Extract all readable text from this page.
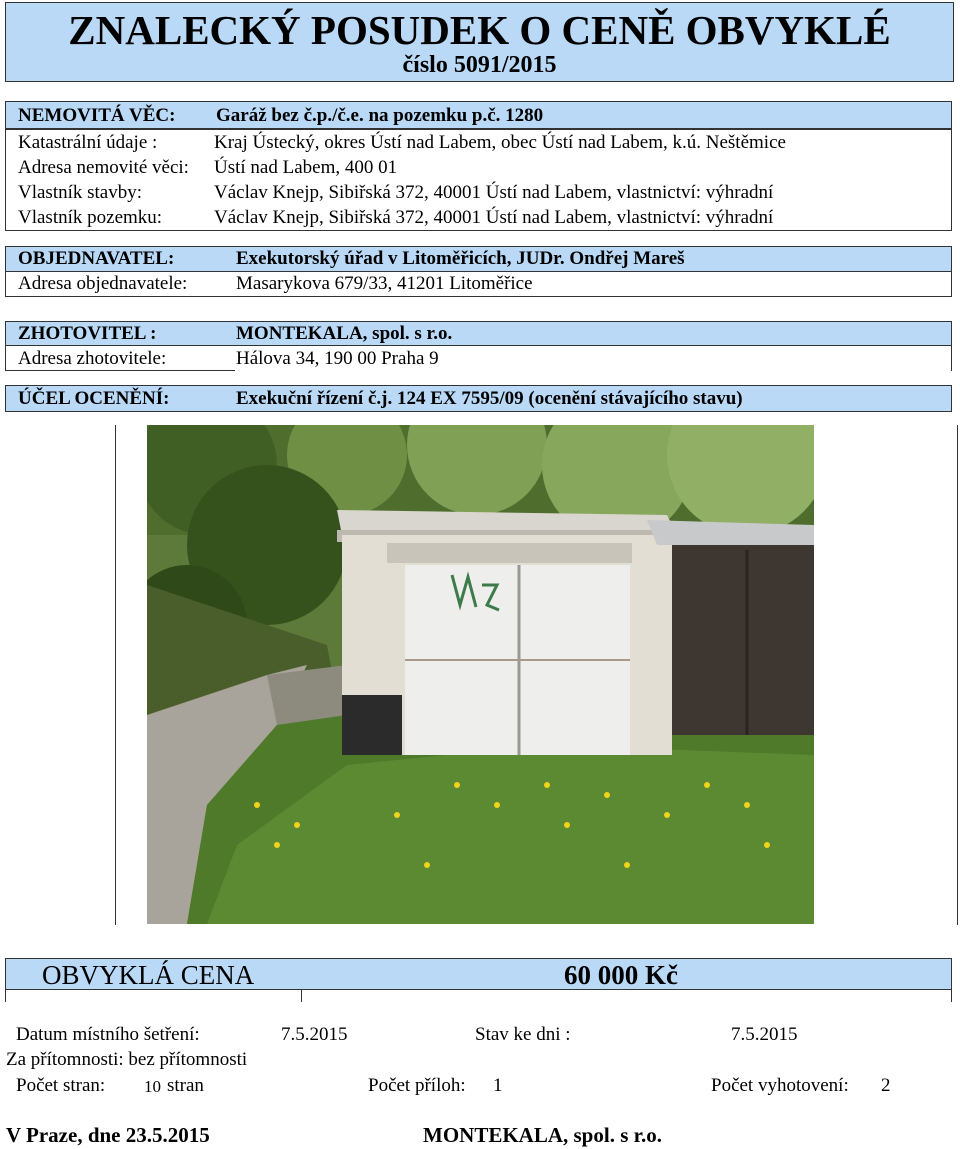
ZNALECKÝ POSUDEK O CENĚ OBVYKLÉ
číslo 5091/2015
NEMOVITÁ VĚC: Garáž bez č.p./č.e. na pozemku p.č. 1280
Katastrální údaje :	Kraj Ústecký, okres Ústí nad Labem, obec Ústí nad Labem, k.ú. Neštěmice
Adresa nemovité věci: Ústí nad Labem, 400 01
Vlastník stavby:	Václav Knejp, Sibiřská 372, 40001 Ústí nad Labem, vlastnictví: výhradní
Vlastník pozemku:	Václav Knejp, Sibiřská 372, 40001 Ústí nad Labem, vlastnictví: výhradní
OBJEDNAVATEL:	Exekutorský úřad v Litoměřicích, JUDr. Ondřej Mareš
Adresa objednavatele:	Masarykova 679/33, 41201 Litoměřice
ZHOTOVITEL :	MONTEKALA, spol. s r.o.
Adresa zhotovitele:	Hálova 34, 190 00 Praha 9
ÚČEL OCENĚNÍ:	Exekuční řízení č.j. 124 EX 7595/09 (ocenění stávajícího stavu)
OBVYKLÁ CENA	60 000 Kč
Datum místního šetření:	7.5.2015	Stav ke dni :	7.5.2015
Za přítomnosti: bez přítomnosti
Počet stran: 10 stran	Počet příloh: 1	Počet vyhotovení: 2
V Praze, dne 23.5.2015	MONTEKALA, spol. s r.o.
